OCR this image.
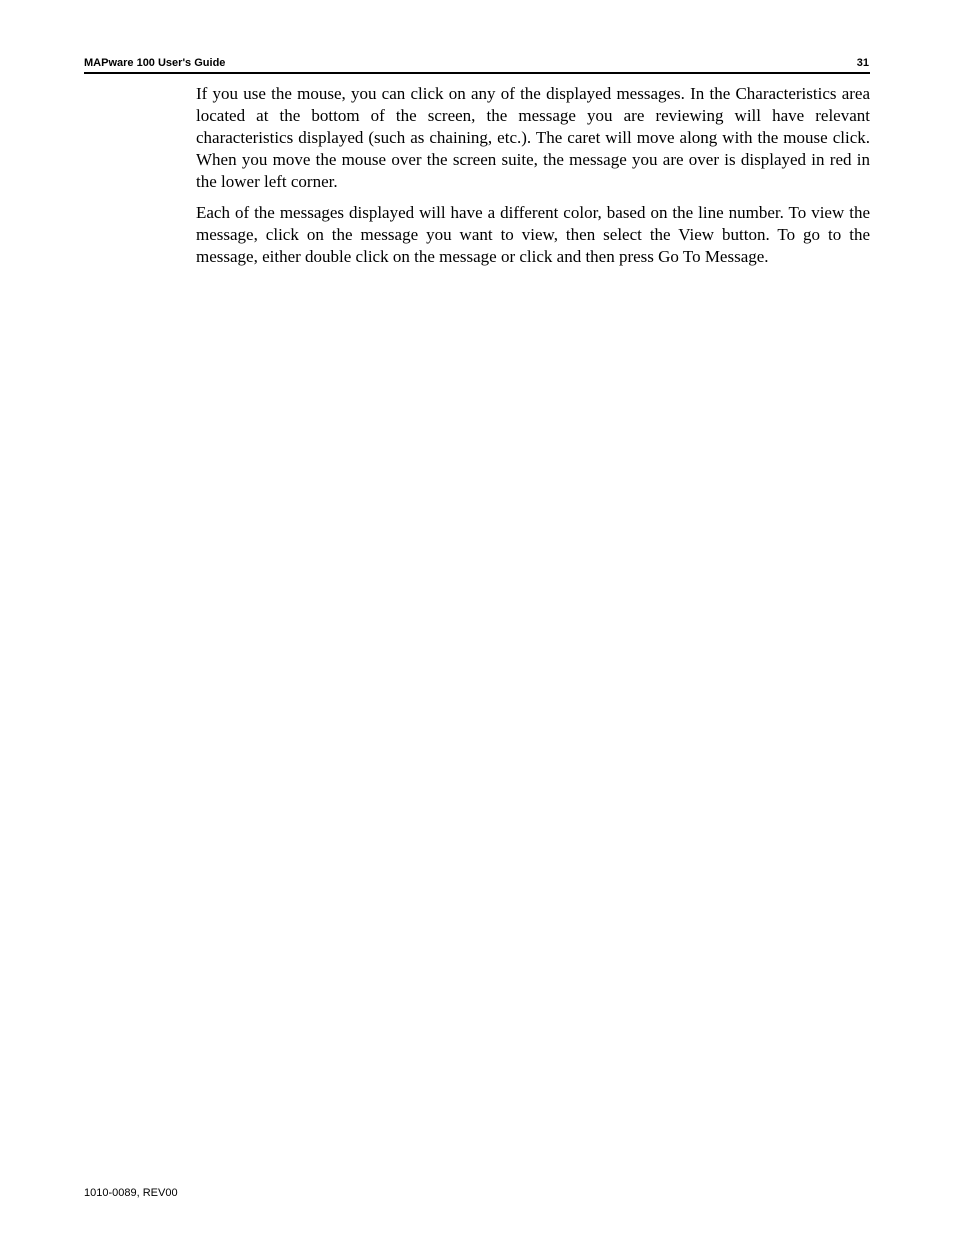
MAPware 100 User's Guide	31

If you use the mouse, you can click on any of the displayed messages. In the Characteristics area located at the bottom of the screen, the message you are reviewing will have relevant characteristics displayed (such as chaining, etc.). The caret will move along with the mouse click. When you move the mouse over the screen suite, the message you are over is displayed in red in the lower left corner.

Each of the messages displayed will have a different color, based on the line number. To view the message, click on the message you want to view, then select the View button. To go to the message, either double click on the message or click and then press Go To Message.

1010-0089, REV00
